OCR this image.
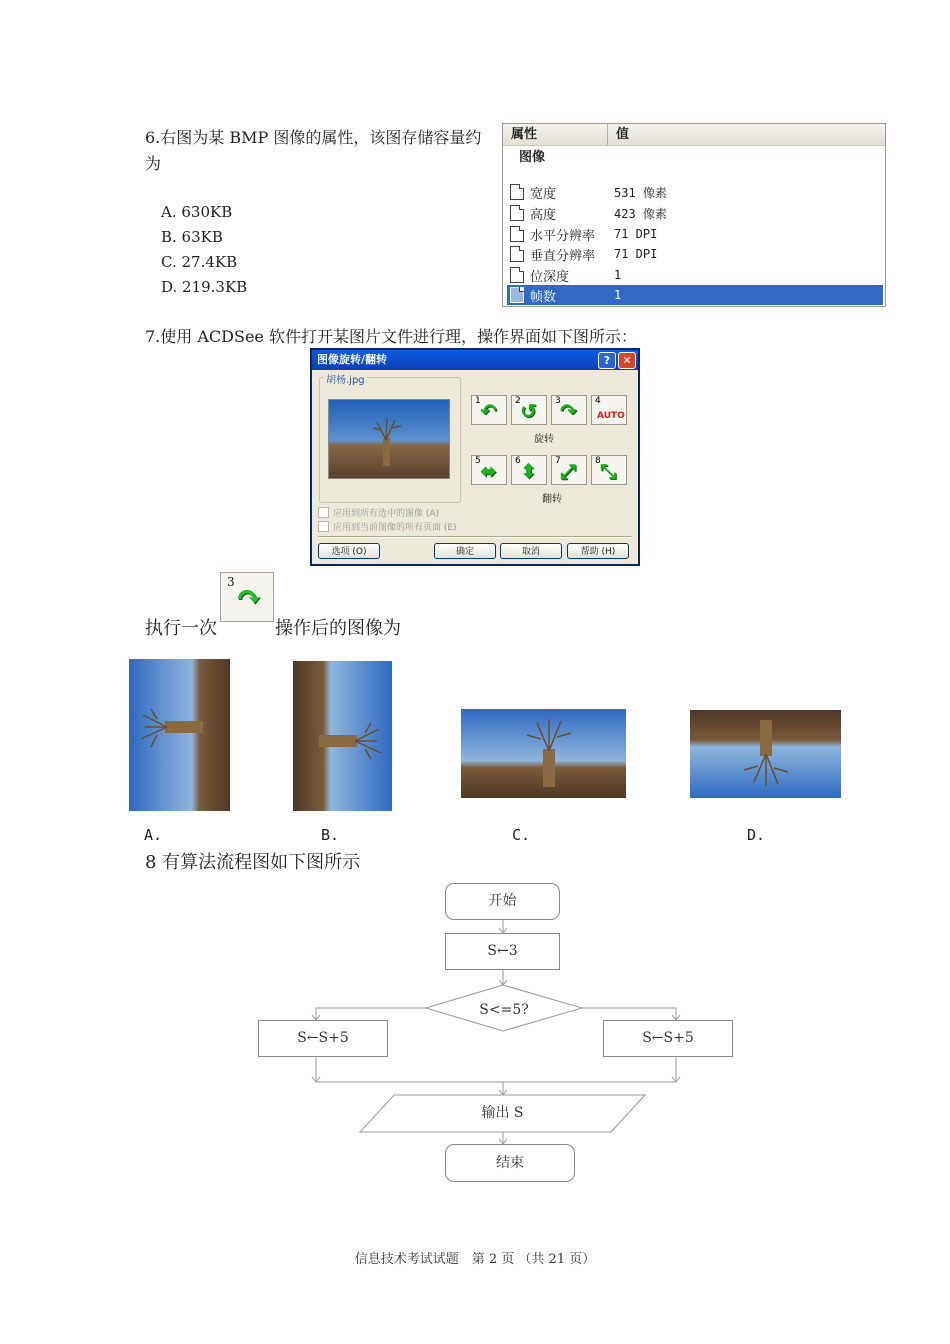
6.右图为某 BMP 图像的属性，该图存储容量约
为
A. 630KB
B. 63KB
C. 27.4KB
D. 219.3KB
属性	值
图像
宽度	531 像素
高度	423 像素
水平分辨率	71 DPI
垂直分辨率	71 DPI
位深度	1
帧数	1
7.使用 ACDSee 软件打开某图片文件进行理，操作界面如下图所示：
图像旋转/翻转	?	✕
胡杨.jpg
1 ↶ 2 ↺ 3 ↷ 4
AUTO
旋转
5 ⬌ 6 ⬍ 7 ⤢ 8 ⤡
翻转
应用到所有选中的图像 (A)
应用到当前图像的所有页面 (E)
选项 (O)	确定	取消	帮助 (H)
执行一次
3 ↷
操作后的图像为
A.	B.	C.	D.
8 有算法流程图如下图所示
开始
S←3
S<=5?
S←S+5	S←S+5
输出 S
结束
信息技术考试试题　第 2 页 （共 21 页）
